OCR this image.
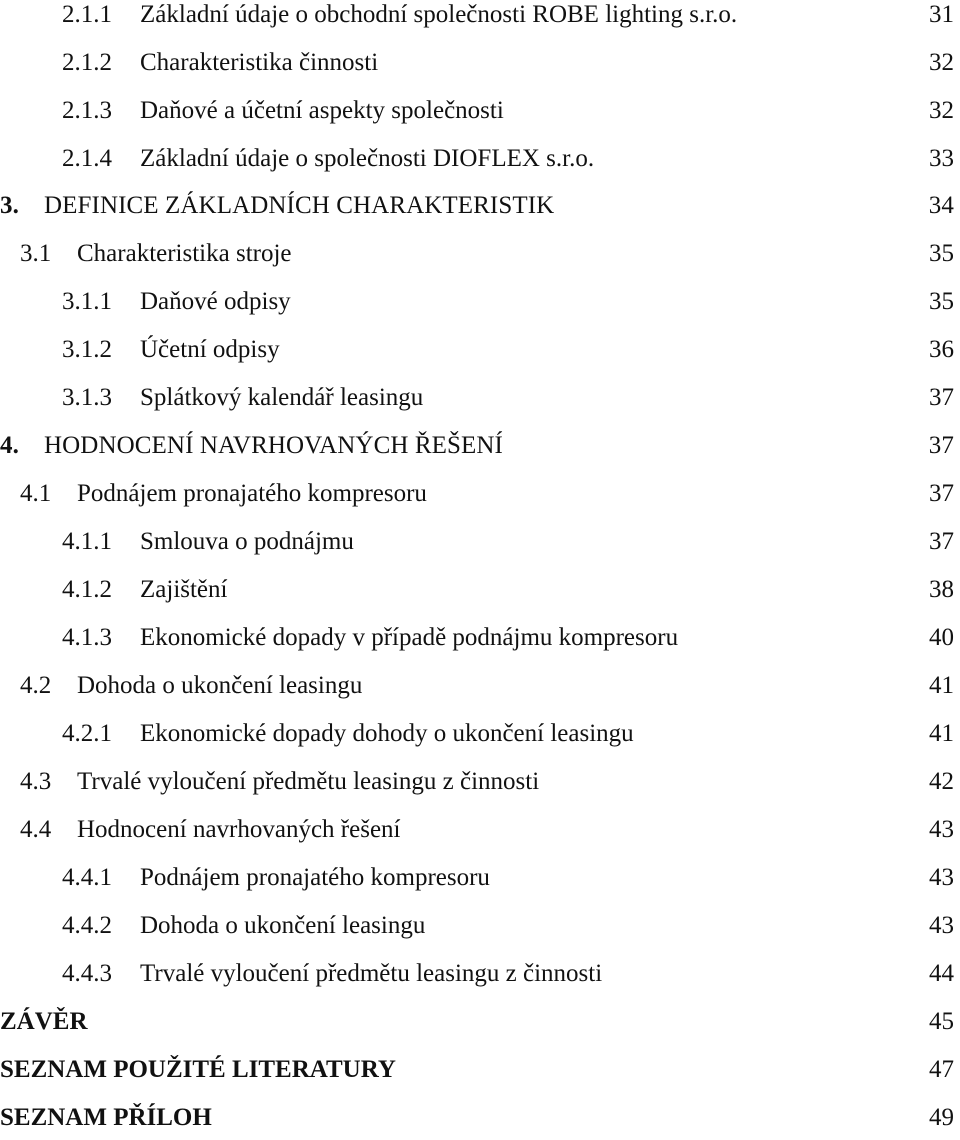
2.1.1 Základní údaje o obchodní společnosti ROBE lighting s.r.o.	31
2.1.2 Charakteristika činnosti	32
2.1.3 Daňové a účetní aspekty společnosti	32
2.1.4 Základní údaje o společnosti DIOFLEX s.r.o.	33
3. DEFINICE ZÁKLADNÍCH CHARAKTERISTIK	34
3.1 Charakteristika stroje	35
3.1.1 Daňové odpisy	35
3.1.2 Účetní odpisy	36
3.1.3 Splátkový kalendář leasingu	37
4. HODNOCENÍ NAVRHOVANÝCH ŘEŠENÍ	37
4.1 Podnájem pronajatého kompresoru	37
4.1.1 Smlouva o podnájmu	37
4.1.2 Zajištění	38
4.1.3 Ekonomické dopady v případě podnájmu kompresoru	40
4.2 Dohoda o ukončení leasingu	41
4.2.1 Ekonomické dopady dohody o ukončení leasingu	41
4.3 Trvalé vyloučení předmětu leasingu z činnosti	42
4.4 Hodnocení navrhovaných řešení	43
4.4.1 Podnájem pronajatého kompresoru	43
4.4.2 Dohoda o ukončení leasingu	43
4.4.3 Trvalé vyloučení předmětu leasingu z činnosti	44
ZÁVĚR	45
SEZNAM POUŽITÉ LITERATURY	47
SEZNAM PŘÍLOH	49
